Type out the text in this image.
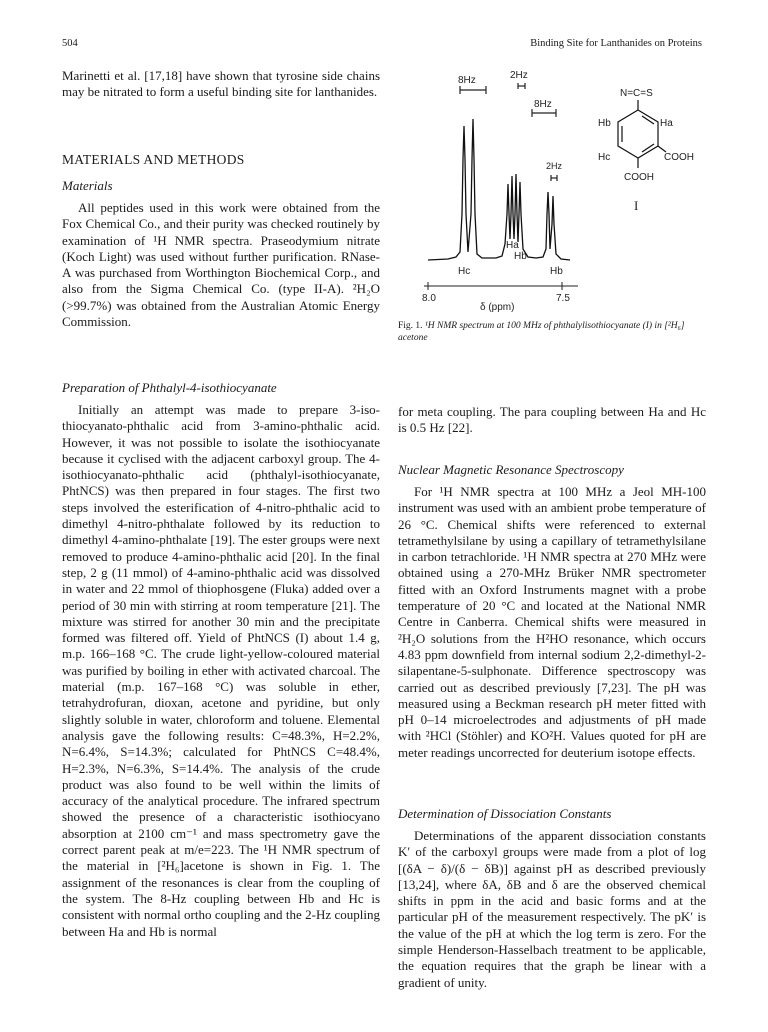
504	Binding Site for Lanthanides on Proteins

Marinetti et al. [17,18] have shown that tyrosine side chains may be nitrated to form a useful binding site for lanthanides.

MATERIALS AND METHODS
Materials

All peptides used in this work were obtained from the Fox Chemical Co., and their purity was checked routinely by examination of ¹H NMR spectra. Praseodymium nitrate (Koch Light) was used without further purification. RNase-A was purchased from Worthington Biochemical Corp., and also from the Sigma Chemical Co. (type II-A). ²H₂O (>99.7%) was obtained from the Australian Atomic Energy Commission.

Preparation of Phthalyl-4-isothiocyanate

Initially an attempt was made to prepare 3-iso-thiocyanato-phthalic acid from 3-amino-phthalic acid. However, it was not possible to isolate the isothiocyanate because it cyclised with the adjacent carboxyl group. The 4-isothiocyanato-phthalic acid (phthalyl-isothiocyanate, PhtNCS) was then prepared in four stages. The first two steps involved the esterification of 4-nitro-phthalic acid to dimethyl 4-nitro-phthalate followed by its reduction to dimethyl 4-amino-phthalate [19]. The ester groups were next removed to produce 4-amino-phthalic acid [20]. In the final step, 2 g (11 mmol) of 4-amino-phthalic acid was dissolved in water and 22 mmol of thiophosgene (Fluka) added over a period of 30 min with stirring at room temperature [21]. The mixture was stirred for another 30 min and the precipitate formed was filtered off. Yield of PhtNCS (I) about 1.4 g, m.p. 166–168 °C. The crude light-yellow-coloured material was purified by boiling in ether with activated charcoal. The material (m.p. 167–168 °C) was soluble in ether, tetrahydrofuran, dioxan, acetone and pyridine, but only slightly soluble in water, chloroform and toluene. Elemental analysis gave the following results: C=48.3%, H=2.2%, N=6.4%, S=14.3%; calculated for PhtNCS C=48.4%, H=2.3%, N=6.3%, S=14.4%. The analysis of the crude product was also found to be well within the limits of accuracy of the analytical procedure. The infrared spectrum showed the presence of a characteristic isothiocyano absorption at 2100 cm⁻¹ and mass spectrometry gave the correct parent peak at m/e=223. The ¹H NMR spectrum of the material in [²H₆]acetone is shown in Fig. 1. The assignment of the resonances is clear from the coupling of the system. The 8-Hz coupling between Hb and Hc is consistent with normal ortho coupling and the 2-Hz coupling between Ha and Hb is normal

8Hz	2Hz
8Hz
2Hz
Hc
Ha
Hb
Hb
8.0	7.5
δ (ppm)
N=C=S
Hb	Ha
Hc	COOH
COOH
I
Fig. 1. ¹H NMR spectrum at 100 MHz of phthalylisothiocyanate (I) in [²H₆] acetone

for meta coupling. The para coupling between Ha and Hc is 0.5 Hz [22].

Nuclear Magnetic Resonance Spectroscopy

For ¹H NMR spectra at 100 MHz a Jeol MH-100 instrument was used with an ambient probe temperature of 26 °C. Chemical shifts were referenced to external tetramethylsilane by using a capillary of tetramethylsilane in carbon tetrachloride. ¹H NMR spectra at 270 MHz were obtained using a 270-MHz Brüker NMR spectrometer fitted with an Oxford Instruments magnet with a probe temperature of 20 °C and located at the National NMR Centre in Canberra. Chemical shifts were measured in ²H₂O solutions from the H²HO resonance, which occurs 4.83 ppm downfield from internal sodium 2,2-dimethyl-2-silapentane-5-sulphonate. Difference spectroscopy was carried out as described previously [7,23]. The pH was measured using a Beckman research pH meter fitted with pH 0–14 microelectrodes and adjustments of pH made with ²HCl (Stöhler) and KO²H. Values quoted for pH are meter readings uncorrected for deuterium isotope effects.

Determination of Dissociation Constants

Determinations of the apparent dissociation constants K′ of the carboxyl groups were made from a plot of log [(δA − δ)/(δ − δB)] against pH as described previously [13,24], where δA, δB and δ are the observed chemical shifts in ppm in the acid and basic forms and at the particular pH of the measurement respectively. The pK′ is the value of the pH at which the log term is zero. For the simple Henderson-Hasselbach treatment to be applicable, the equation requires that the graph be linear with a gradient of unity.
